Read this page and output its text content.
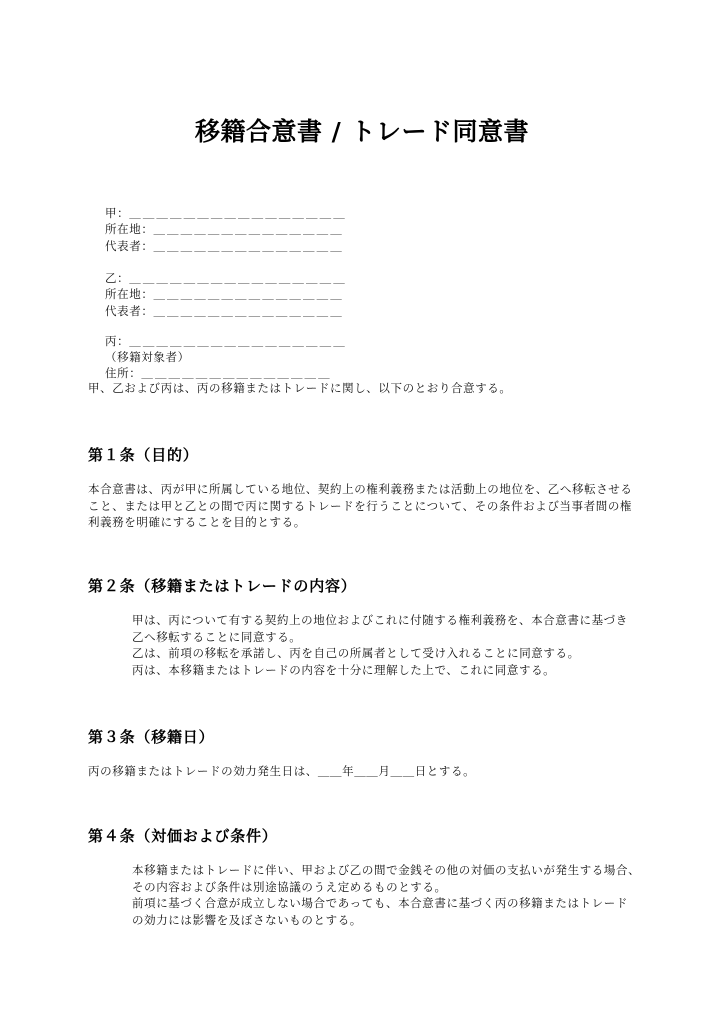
移籍合意書 / トレード同意書

甲：＿＿＿＿＿＿＿＿＿＿＿＿＿＿＿＿

所在地：＿＿＿＿＿＿＿＿＿＿＿＿＿＿

代表者：＿＿＿＿＿＿＿＿＿＿＿＿＿＿

乙：＿＿＿＿＿＿＿＿＿＿＿＿＿＿＿＿

所在地：＿＿＿＿＿＿＿＿＿＿＿＿＿＿

代表者：＿＿＿＿＿＿＿＿＿＿＿＿＿＿

丙：＿＿＿＿＿＿＿＿＿＿＿＿＿＿＿＿

（移籍対象者）

住所：＿＿＿＿＿＿＿＿＿＿＿＿＿＿

甲、乙および丙は、丙の移籍またはトレードに関し、以下のとおり合意する。
第１条（目的）
本合意書は、丙が甲に所属している地位、契約上の権利義務または活動上の地位を、乙へ移転させる
こと、または甲と乙との間で丙に関するトレードを行うことについて、その条件および当事者間の権
利義務を明確にすることを目的とする。
第２条（移籍またはトレードの内容）
甲は、丙について有する契約上の地位およびこれに付随する権利義務を、本合意書に基づき
乙へ移転することに同意する。
乙は、前項の移転を承諾し、丙を自己の所属者として受け入れることに同意する。
丙は、本移籍またはトレードの内容を十分に理解した上で、これに同意する。
第３条（移籍日）
丙の移籍またはトレードの効力発生日は、＿＿年＿＿月＿＿日とする。
第４条（対価および条件）
本移籍またはトレードに伴い、甲および乙の間で金銭その他の対価の支払いが発生する場合、
その内容および条件は別途協議のうえ定めるものとする。
前項に基づく合意が成立しない場合であっても、本合意書に基づく丙の移籍またはトレード
の効力には影響を及ぼさないものとする。
